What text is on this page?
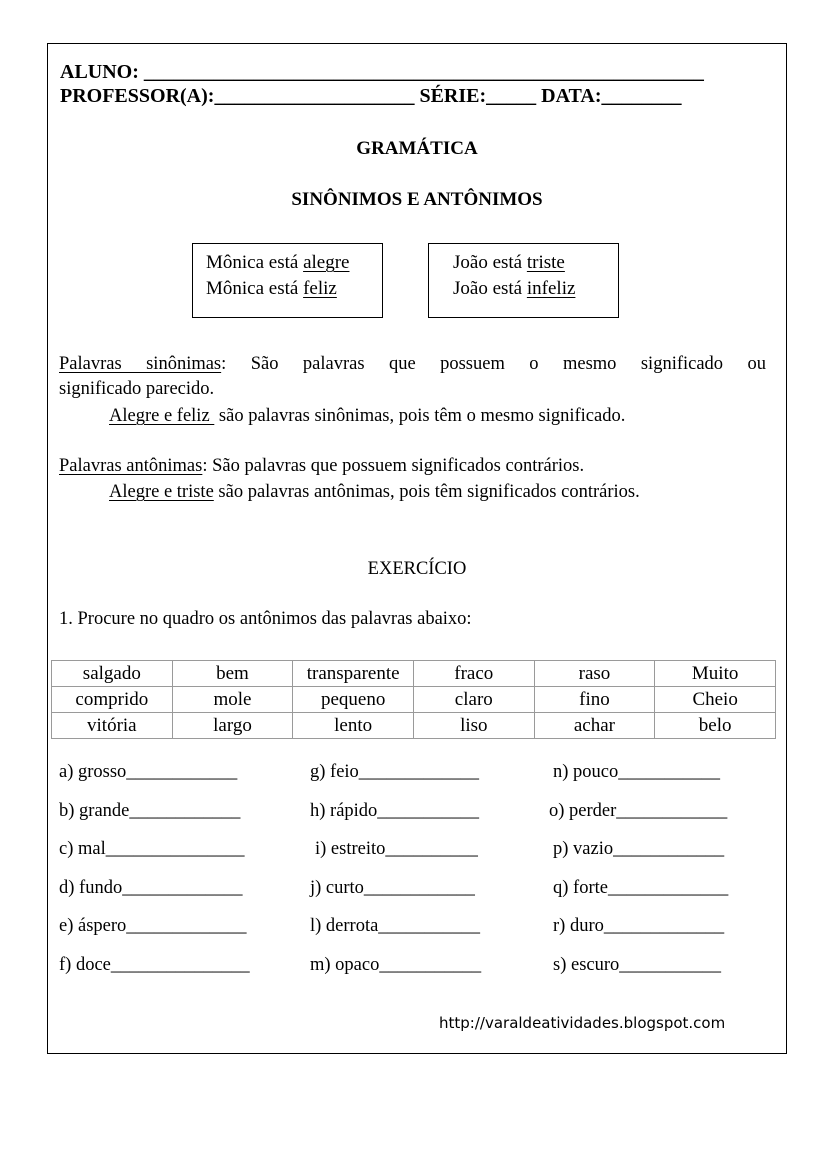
ALUNO: ________________________________________________________
PROFESSOR(A):____________________ SÉRIE:_____ DATA:________
GRAMÁTICA
SINÔNIMOS E ANTÔNIMOS
Mônica está alegre
Mônica está feliz
João está triste
João está infeliz
Palavras sinônimas: São palavras que possuem o mesmo significado ou
significado parecido.
Alegre e feliz  são palavras sinônimas, pois têm o mesmo significado.
Palavras antônimas: São palavras que possuem significados contrários.
Alegre e triste são palavras antônimas, pois têm significados contrários.
EXERCÍCIO
1. Procure no quadro os antônimos das palavras abaixo:
salgado	bem	transparente	fraco	raso	Muito
comprido	mole	pequeno	claro	fino	Cheio
vitória	largo	lento	liso	achar	belo
a) grosso____________	g) feio_____________	n) pouco___________
b) grande____________	h) rápido___________	o) perder____________
c) mal_______________	i) estreito__________	p) vazio____________
d) fundo_____________	j) curto____________	q) forte_____________
e) áspero_____________	l) derrota___________	r) duro_____________
f) doce_______________	m) opaco___________	s) escuro___________
http://varaldeatividades.blogspot.com
